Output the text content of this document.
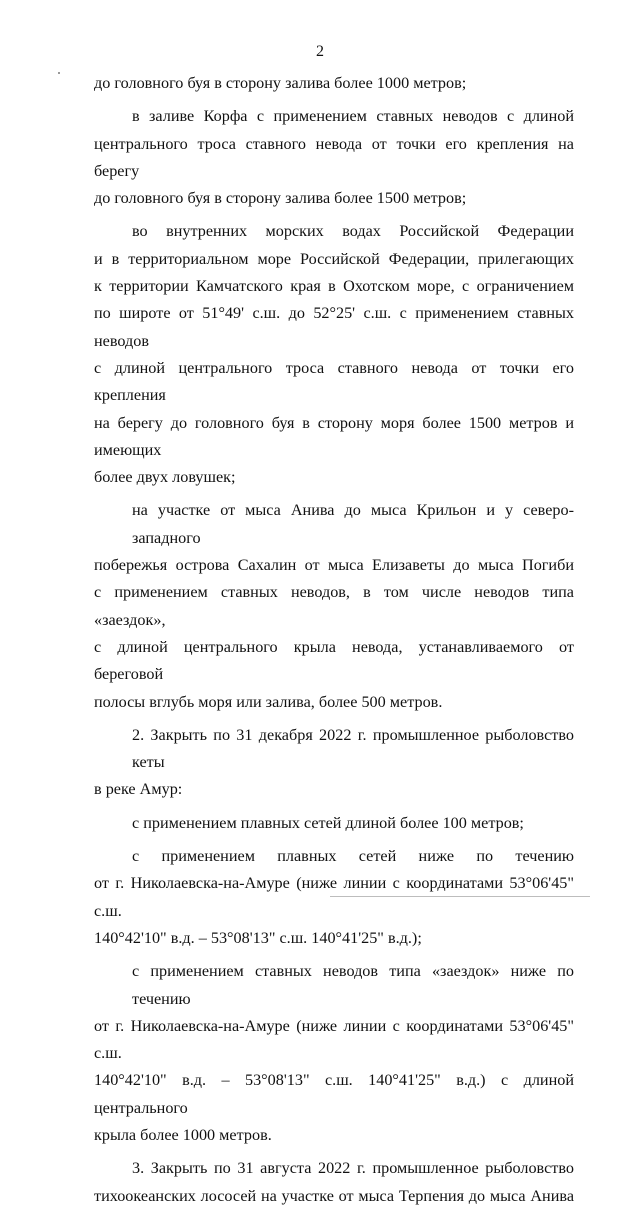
2
до головного буя в сторону залива более 1000 метров;
в заливе Корфа с применением ставных неводов с длиной
центрального троса ставного невода от точки его крепления на берегу
до головного буя в сторону залива более 1500 метров;
во внутренних морских водах Российской Федерации
и в территориальном море Российской Федерации, прилегающих
к территории Камчатского края в Охотском море, с ограничением
по широте от 51°49' с.ш. до 52°25' с.ш. с применением ставных неводов
с длиной центрального троса ставного невода от точки его крепления
на берегу до головного буя в сторону моря более 1500 метров и имеющих
более двух ловушек;
на участке от мыса Анива до мыса Крильон и у северо-западного
побережья острова Сахалин от мыса Елизаветы до мыса Погиби
с применением ставных неводов, в том числе неводов типа «заездок»,
с длиной центрального крыла невода, устанавливаемого от береговой
полосы вглубь моря или залива, более 500 метров.
2. Закрыть по 31 декабря 2022 г. промышленное рыболовство кеты
в реке Амур:
с применением плавных сетей длиной более 100 метров;
с применением плавных сетей ниже по течению
от г. Николаевска-на-Амуре (ниже линии с координатами 53°06'45" с.ш.
140°42'10" в.д. – 53°08'13" с.ш. 140°41'25" в.д.);
с применением ставных неводов типа «заездок» ниже по течению
от г. Николаевска-на-Амуре (ниже линии с координатами 53°06'45" с.ш.
140°42'10" в.д. – 53°08'13" с.ш. 140°41'25" в.д.) с длиной центрального
крыла более 1000 метров.
3. Закрыть по 31 августа 2022 г. промышленное рыболовство
тихоокеанских лососей на участке от мыса Терпения до мыса Анива
